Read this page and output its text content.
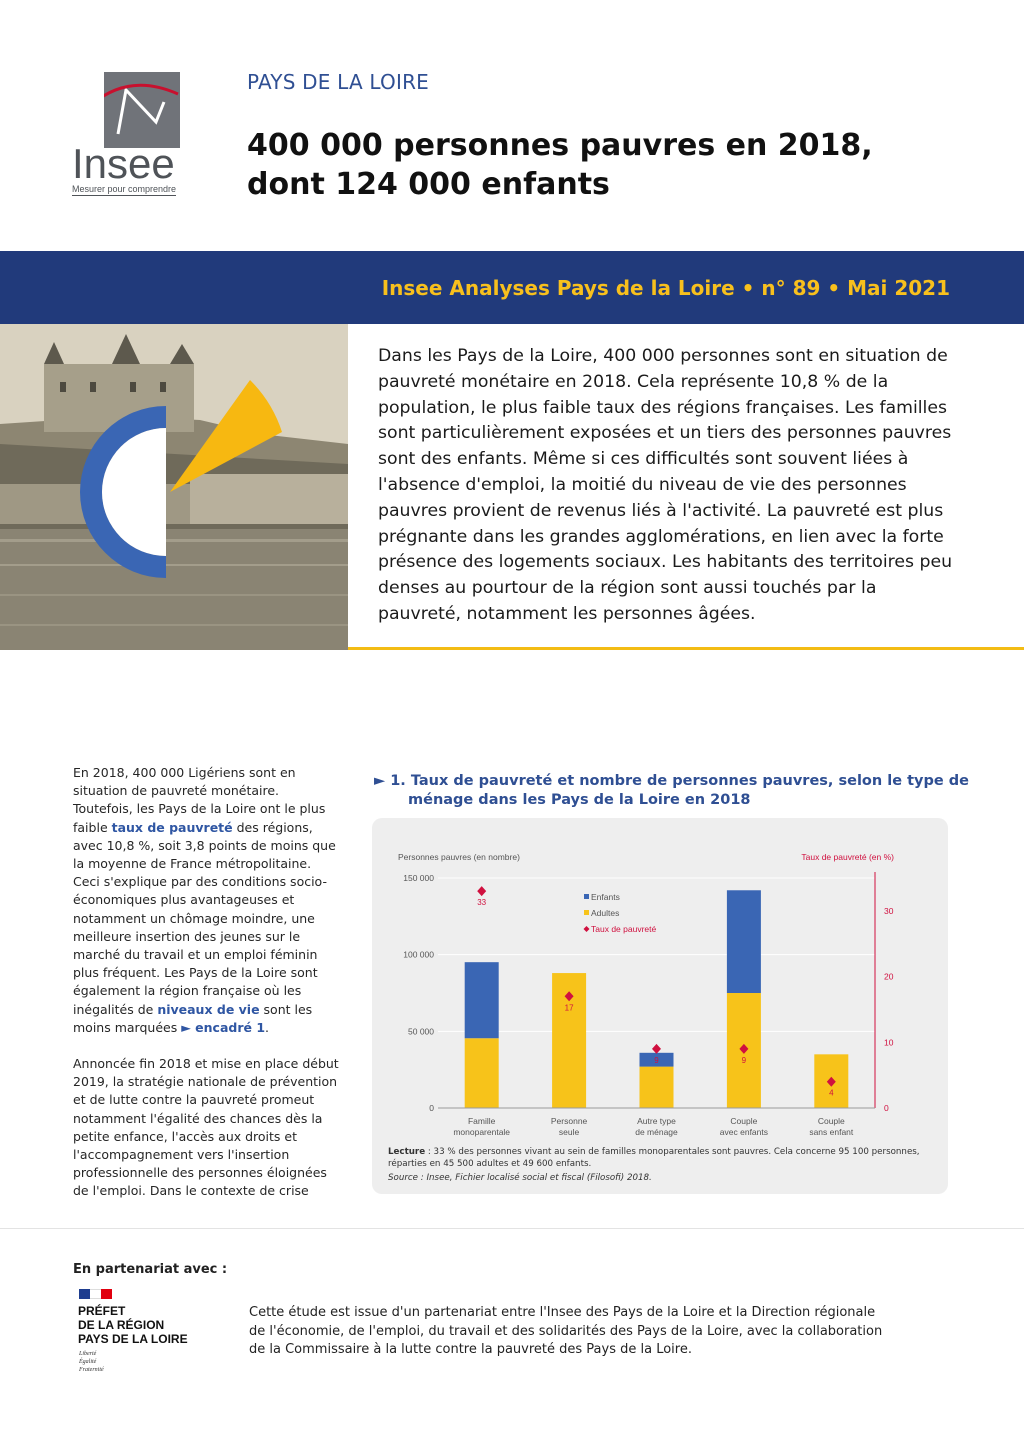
Insee
Mesurer pour comprendre
PAYS DE LA LOIRE
400 000 personnes pauvres en 2018,
dont 124 000 enfants
Insee Analyses Pays de la Loire • n° 89 • Mai 2021
Dans les Pays de la Loire, 400 000 personnes sont en situation de pauvreté monétaire en 2018. Cela représente 10,8 % de la population, le plus faible taux des régions françaises. Les familles sont particulièrement exposées et un tiers des personnes pauvres sont des enfants. Même si ces difficultés sont souvent liées à l'absence d'emploi, la moitié du niveau de vie des personnes pauvres provient de revenus liés à l'activité. La pauvreté est plus prégnante dans les grandes agglomérations, en lien avec la forte présence des logements sociaux. Les habitants des territoires peu denses au pourtour de la région sont aussi touchés par la pauvreté, notamment les personnes âgées.

En 2018, 400 000 Ligériens sont en situation de pauvreté monétaire. Toutefois, les Pays de la Loire ont le plus faible taux de pauvreté des régions, avec 10,8 %, soit 3,8 points de moins que la moyenne de France métropolitaine. Ceci s'explique par des conditions socio-économiques plus avantageuses et notamment un chômage moindre, une meilleure insertion des jeunes sur le marché du travail et un emploi féminin plus fréquent. Les Pays de la Loire sont également la région française où les inégalités de niveaux de vie sont les moins marquées ► encadré 1.

Annoncée fin 2018 et mise en place début 2019, la stratégie nationale de prévention et de lutte contre la pauvreté promeut notamment l'égalité des chances dès la petite enfance, l'accès aux droits et l'accompagnement vers l'insertion professionnelle des personnes éloignées de l'emploi. Dans le contexte de crise

► 1. Taux de pauvreté et nombre de personnes pauvres, selon le type de ménage dans les Pays de la Loire en 2018
Personnes pauvres (en nombre)	Taux de pauvreté (en %)
0
50 000
100 000
150 000
0
10
20
30
33
Famille
monoparentale
17
Personne
seule
9
Autre type
de ménage
9
Couple
avec enfants
4
Couple
sans enfant
Enfants
Adultes
Taux de pauvreté
Lecture : 33 % des personnes vivant au sein de familles monoparentales sont pauvres. Cela concerne 95 100 personnes, réparties en 45 500 adultes et 49 600 enfants.
Source : Insee, Fichier localisé social et fiscal (Filosofi) 2018.
En partenariat avec :
PRÉFET
DE LA RÉGION
PAYS DE LA LOIRE
Liberté
Égalité
Fraternité
Cette étude est issue d'un partenariat entre l'Insee des Pays de la Loire et la Direction régionale de l'économie, de l'emploi, du travail et des solidarités des Pays de la Loire, avec la collaboration de la Commissaire à la lutte contre la pauvreté des Pays de la Loire.
